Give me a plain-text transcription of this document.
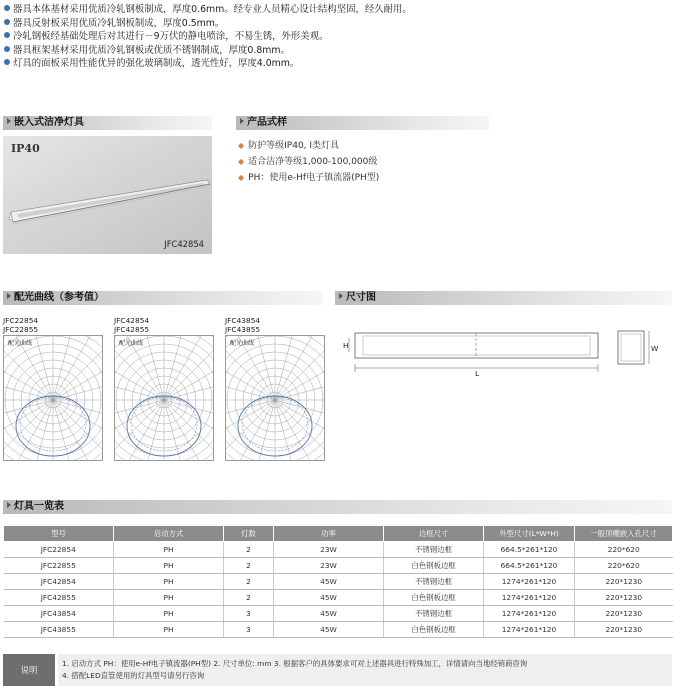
器具本体基材采用优质冷轧钢板制成，厚度0.6mm。经专业人员精心设计结构坚固，经久耐用。
器具反射板采用优质冷轧钢板制成，厚度0.5mm。
冷轧钢板经基础处理后对其进行－9万伏的静电喷涂，不易生锈，外形美观。
器具框架基材采用优质冷轧钢板或优质不锈钢制成，厚度0.8mm。
灯具的面板采用性能优异的强化玻璃制成，透光性好，厚度4.0mm。
嵌入式洁净灯具
IP40
JFC42854
产品式样
◆ 防护等级IP40, I类灯具
◆ 适合洁净等级1,000-100,000级
◆ PH：使用e-Hf电子镇流器(PH型)
配光曲线（参考值）
JFC22854
JFC22855
配光曲线
JFC42854
JFC42855
配光曲线
JFC43854
JFC43855
配光曲线
尺寸图
H
L
W
灯具一览表
型号	启动方式	灯数	功率	边框尺寸	外型尺寸(L*W*H)	一般顶棚嵌入孔尺寸
JFC22854	PH	2	23W	不锈钢边框	664.5*261*120	220*620
JFC22855	PH	2	23W	白色钢板边框	664.5*261*120	220*620
JFC42854	PH	2	45W	不锈钢边框	1274*261*120	220*1230
JFC42855	PH	2	45W	白色钢板边框	1274*261*120	220*1230
JFC43854	PH	3	45W	不锈钢边框	1274*261*120	220*1230
JFC43855	PH	3	45W	白色钢板边框	1274*261*120	220*1230
说明
1. 启动方式 PH：使用e-Hf电子镇流器(PH型) 2. 尺寸单位: mm 3. 根据客户的具体要求可对上述器具进行特殊加工，详情请向当地经销商咨询
4. 搭配LED直管使用的灯具型号请另行咨询
